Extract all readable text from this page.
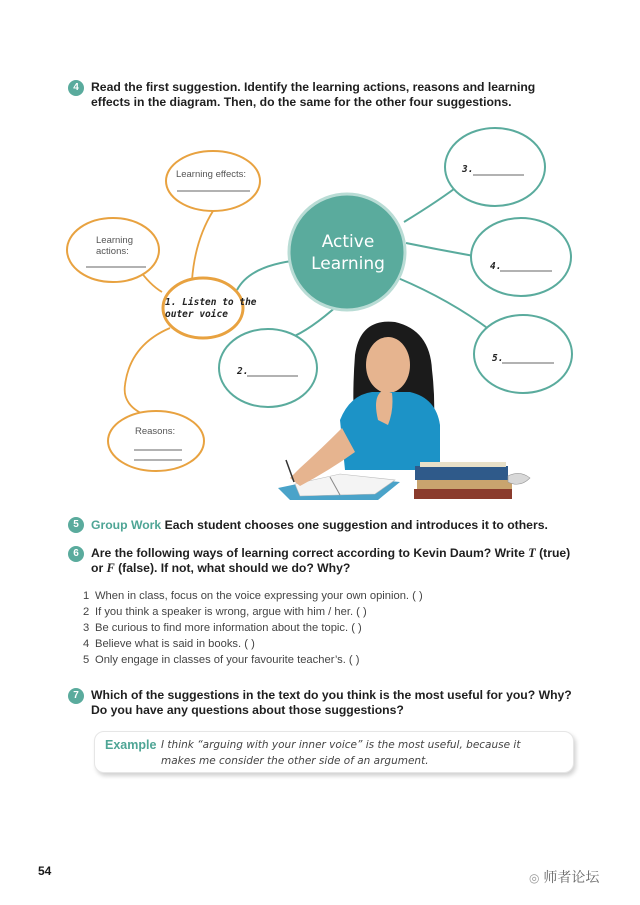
4	Read the first suggestion. Identify the learning actions, reasons and learning
effects in the diagram. Then, do the same for the other four suggestions.
Learning effects:
Learning
actions:
1. Listen to the
outer voice
Reasons:
Active
Learning
2.
3.
4.
5.
5	Group Work Each student chooses one suggestion and introduces it to others.
6	Are the following ways of learning correct according to Kevin Daum? Write T (true)
or F (false). If not, what should we do? Why?
1 When in class, focus on the voice expressing your own opinion. ( )
2 If you think a speaker is wrong, argue with him / her. ( )
3 Be curious to find more information about the topic. ( )
4 Believe what is said in books. ( )
5 Only engage in classes of your favourite teacher’s. ( )
7	Which of the suggestions in the text do you think is the most useful for you? Why?
Do you have any questions about those suggestions?
Example I think “arguing with your inner voice” is the most useful, because it
makes me consider the other side of an argument.
54	◎ 师者论坛
